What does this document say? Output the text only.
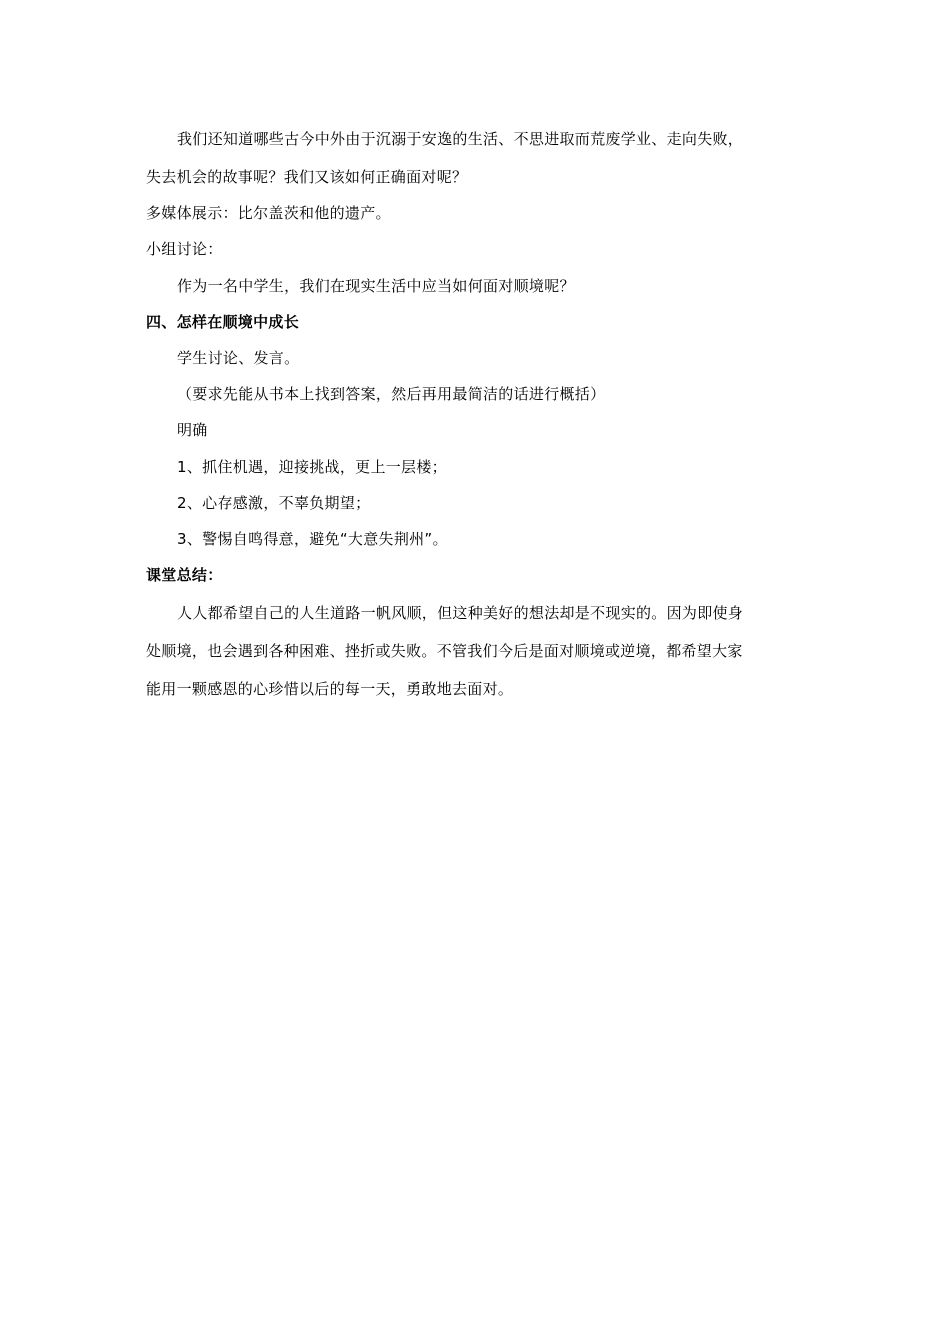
我们还知道哪些古今中外由于沉溺于安逸的生活、不思进取而荒废学业、走向失败，
失去机会的故事呢？我们又该如何正确面对呢？
多媒体展示：比尔盖茨和他的遗产。
小组讨论：
作为一名中学生，我们在现实生活中应当如何面对顺境呢？
四、怎样在顺境中成长
学生讨论、发言。
（要求先能从书本上找到答案，然后再用最简洁的话进行概括）
明确
1、抓住机遇，迎接挑战，更上一层楼；
2、心存感激，不辜负期望；
3、警惕自鸣得意，避免“大意失荆州”。
课堂总结：
人人都希望自己的人生道路一帆风顺，但这种美好的想法却是不现实的。因为即使身
处顺境，也会遇到各种困难、挫折或失败。不管我们今后是面对顺境或逆境，都希望大家
能用一颗感恩的心珍惜以后的每一天，勇敢地去面对。
